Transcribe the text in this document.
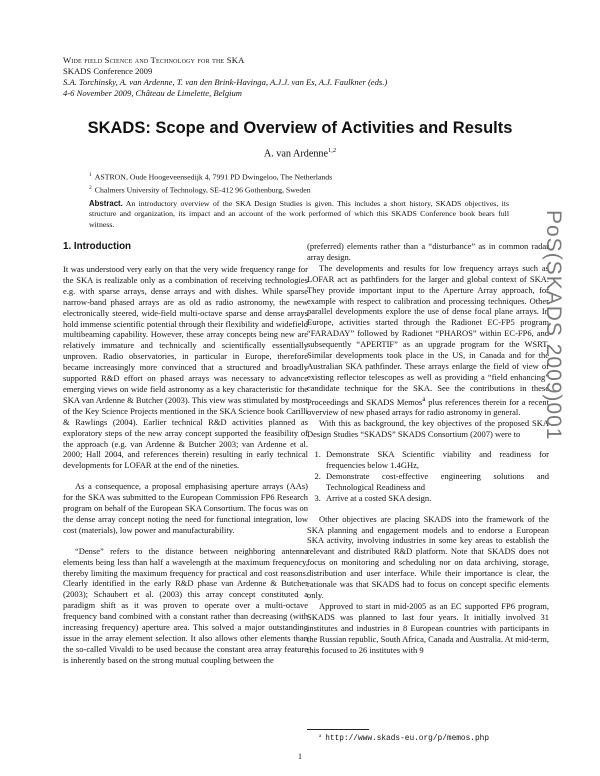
Wide field Science and Technology for the SKA
SKADS Conference 2009
S.A. Torchinsky, A. van Ardenne, T. van den Brink-Havinga, A.J.J. van Es, A.J. Faulkner (eds.)
4-6 November 2009, Château de Limelette, Belgium
SKADS: Scope and Overview of Activities and Results
A. van Ardenne$^{1,2}$
$^1$ ASTRON, Oude Hoogeveensedijk 4, 7991 PD Dwingeloo, The Netherlands
$^2$ Chalmers University of Technology, SE-412 96 Gothenburg, Sweden
Abstract. An introductory overview of the SKA Design Studies is given. This includes a short history, SKADS objectives, its structure and organization, its impact and an account of the work performed of which this SKADS Conference book bears full witness.
1. Introduction

It was understood very early on that the very wide frequency range for the SKA is realizable only as a combination of receiving technologies e.g. with sparse arrays, dense arrays and with dishes. While sparse narrow-band phased arrays are as old as radio astronomy, the new electronically steered, wide-field multi-octave sparse and dense arrays hold immense scientific potential through their flexibility and widefield multibeaming capability. However, these array concepts being new are relatively immature and technically and scientifically essentially unproven. Radio observatories, in particular in Europe, therefore became increasingly more convinced that a structured and broadly supported R&D effort on phased arrays was necessary to advance emerging views on wide field astronomy as a key characteristic for the SKA van Ardenne & Butcher (2003). This view was stimulated by most of the Key Science Projects mentioned in the SKA Science book Carilli & Rawlings (2004). Earlier technical R&D activities planned as exploratory steps of the new array concept supported the feasibility of the approach (e.g. van Ardenne & Butcher 2003; van Ardenne et al. 2000; Hall 2004, and references therein) resulting in early technical developments for LOFAR at the end of the nineties.

As a consequence, a proposal emphasising aperture arrays (AAs) for the SKA was submitted to the European Commission FP6 Research program on behalf of the European SKA Consortium. The focus was on the dense array concept noting the need for functional integration, low cost (materials), low power and manufacturability.

“Dense” refers to the distance between neighboring antenna elements being less than half a wavelength at the maximum frequency, thereby limiting the maximum frequency for practical and cost reasons. Clearly identified in the early R&D phase van Ardenne & Butcher (2003); Schaubert et al. (2003) this array concept constituted a paradigm shift as it was proven to operate over a multi-octave frequency band combined with a constant rather than decreasing (with increasing frequency) aperture area. This solved a major outstanding issue in the array element selection. It also allows other elements than the so-called Vivaldi to be used because the constant area array feature is inherently based on the strong mutual coupling between the

(preferred) elements rather than a “disturbance” as in common radar array design.

The developments and results for low frequency arrays such as LOFAR act as pathfinders for the larger and global context of SKA. They provide important input to the Aperture Array approach, for example with respect to calibration and processing techniques. Other parallel developments explore the use of dense focal plane arrays. In Europe, activities started through the Radionet EC-FP5 program “FARADAY” followed by Radionet “PHAROS” within EC-FP6, and subsequently “APERTIF” as an upgrade program for the WSRT. Similar developments took place in the US, in Canada and for the Australian SKA pathfinder. These arrays enlarge the field of view of existing reflector telescopes as well as providing a “field enhancing” candidate technique for the SKA. See the contributions in these Proceedings and SKADS Memos$^a$ plus references therein for a recent overview of new phased arrays for radio astronomy in general.

With this as background, the key objectives of the proposed SKA Design Studies “SKADS” SKADS Consortium (2007) were to

1. Demonstrate SKA Scientific viability and readiness for frequencies below 1.4GHz,
2. Demonstrate cost-effective engineering solutions and Technological Readiness and
3. Arrive at a costed SKA design.

Other objectives are placing SKADS into the framework of the SKA planning and engagement models and to endorse a European SKA activity, involving industries in some key areas to establish the relevant and distributed R&D platform. Note that SKADS does not focus on monitoring and scheduling nor on data archiving, storage, distribution and user interface. While their importance is clear, the rationale was that SKADS had to focus on concept specific elements only.

Approved to start in mid-2005 as an EC supported FP6 program, SKADS was planned to last four years. It initially involved 31 institutes and industries in 8 European countries with participants in the Russian republic, South Africa, Canada and Australia. At mid-term, this focused to 26 institutes with 9

$^a$ http://www.skads-eu.org/p/memos.php
PoS(SKADS 2009)001
1
